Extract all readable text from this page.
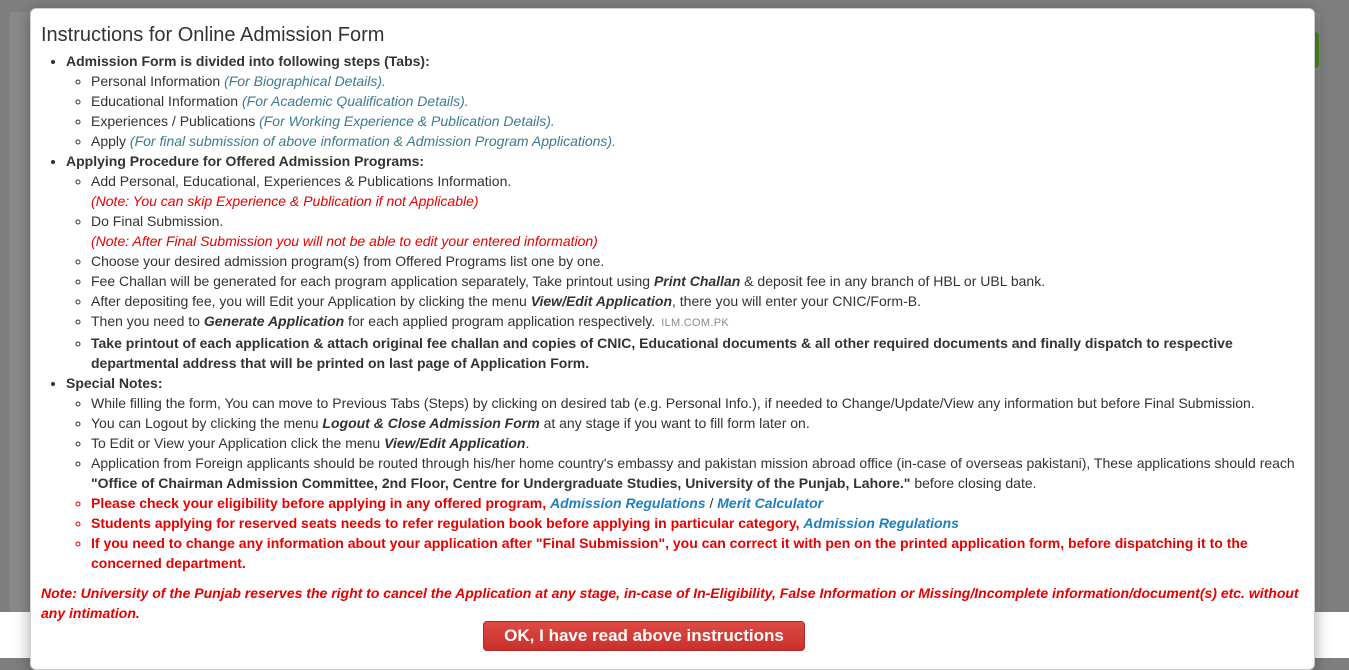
Instructions for Online Admission Form
• Admission Form is divided into following steps (Tabs):
◦ Personal Information (For Biographical Details).
◦ Educational Information (For Academic Qualification Details).
◦ Experiences / Publications (For Working Experience & Publication Details).
◦ Apply (For final submission of above information & Admission Program Applications).
• Applying Procedure for Offered Admission Programs:
◦ Add Personal, Educational, Experiences & Publications Information.
(Note: You can skip Experience & Publication if not Applicable)
◦ Do Final Submission.
(Note: After Final Submission you will not be able to edit your entered information)
◦ Choose your desired admission program(s) from Offered Programs list one by one.
◦ Fee Challan will be generated for each program application separately, Take printout using Print Challan & deposit fee in any branch of HBL or UBL bank.
◦ After depositing fee, you will Edit your Application by clicking the menu View/Edit Application, there you will enter your CNIC/Form-B.
◦ Then you need to Generate Application for each applied program application respectively. ILM.COM.PK
◦ Take printout of each application & attach original fee challan and copies of CNIC, Educational documents & all other required documents and finally dispatch to respective departmental address that will be printed on last page of Application Form.
• Special Notes:
◦ While filling the form, You can move to Previous Tabs (Steps) by clicking on desired tab (e.g. Personal Info.), if needed to Change/Update/View any information but before Final Submission.
◦ You can Logout by clicking the menu Logout & Close Admission Form at any stage if you want to fill form later on.
◦ To Edit or View your Application click the menu View/Edit Application.
◦ Application from Foreign applicants should be routed through his/her home country's embassy and pakistan mission abroad office (in-case of overseas pakistani), These applications should reach "Office of Chairman Admission Committee, 2nd Floor, Centre for Undergraduate Studies, University of the Punjab, Lahore." before closing date.
◦ Please check your eligibility before applying in any offered program, Admission Regulations / Merit Calculator
◦ Students applying for reserved seats needs to refer regulation book before applying in particular category, Admission Regulations
◦ If you need to change any information about your application after "Final Submission", you can correct it with pen on the printed application form, before dispatching it to the concerned department.

Note: University of the Punjab reserves the right to cancel the Application at any stage, in-case of In-Eligibility, False Information or Missing/Incomplete information/document(s) etc. without any intimation.

OK, I have read above instructions
